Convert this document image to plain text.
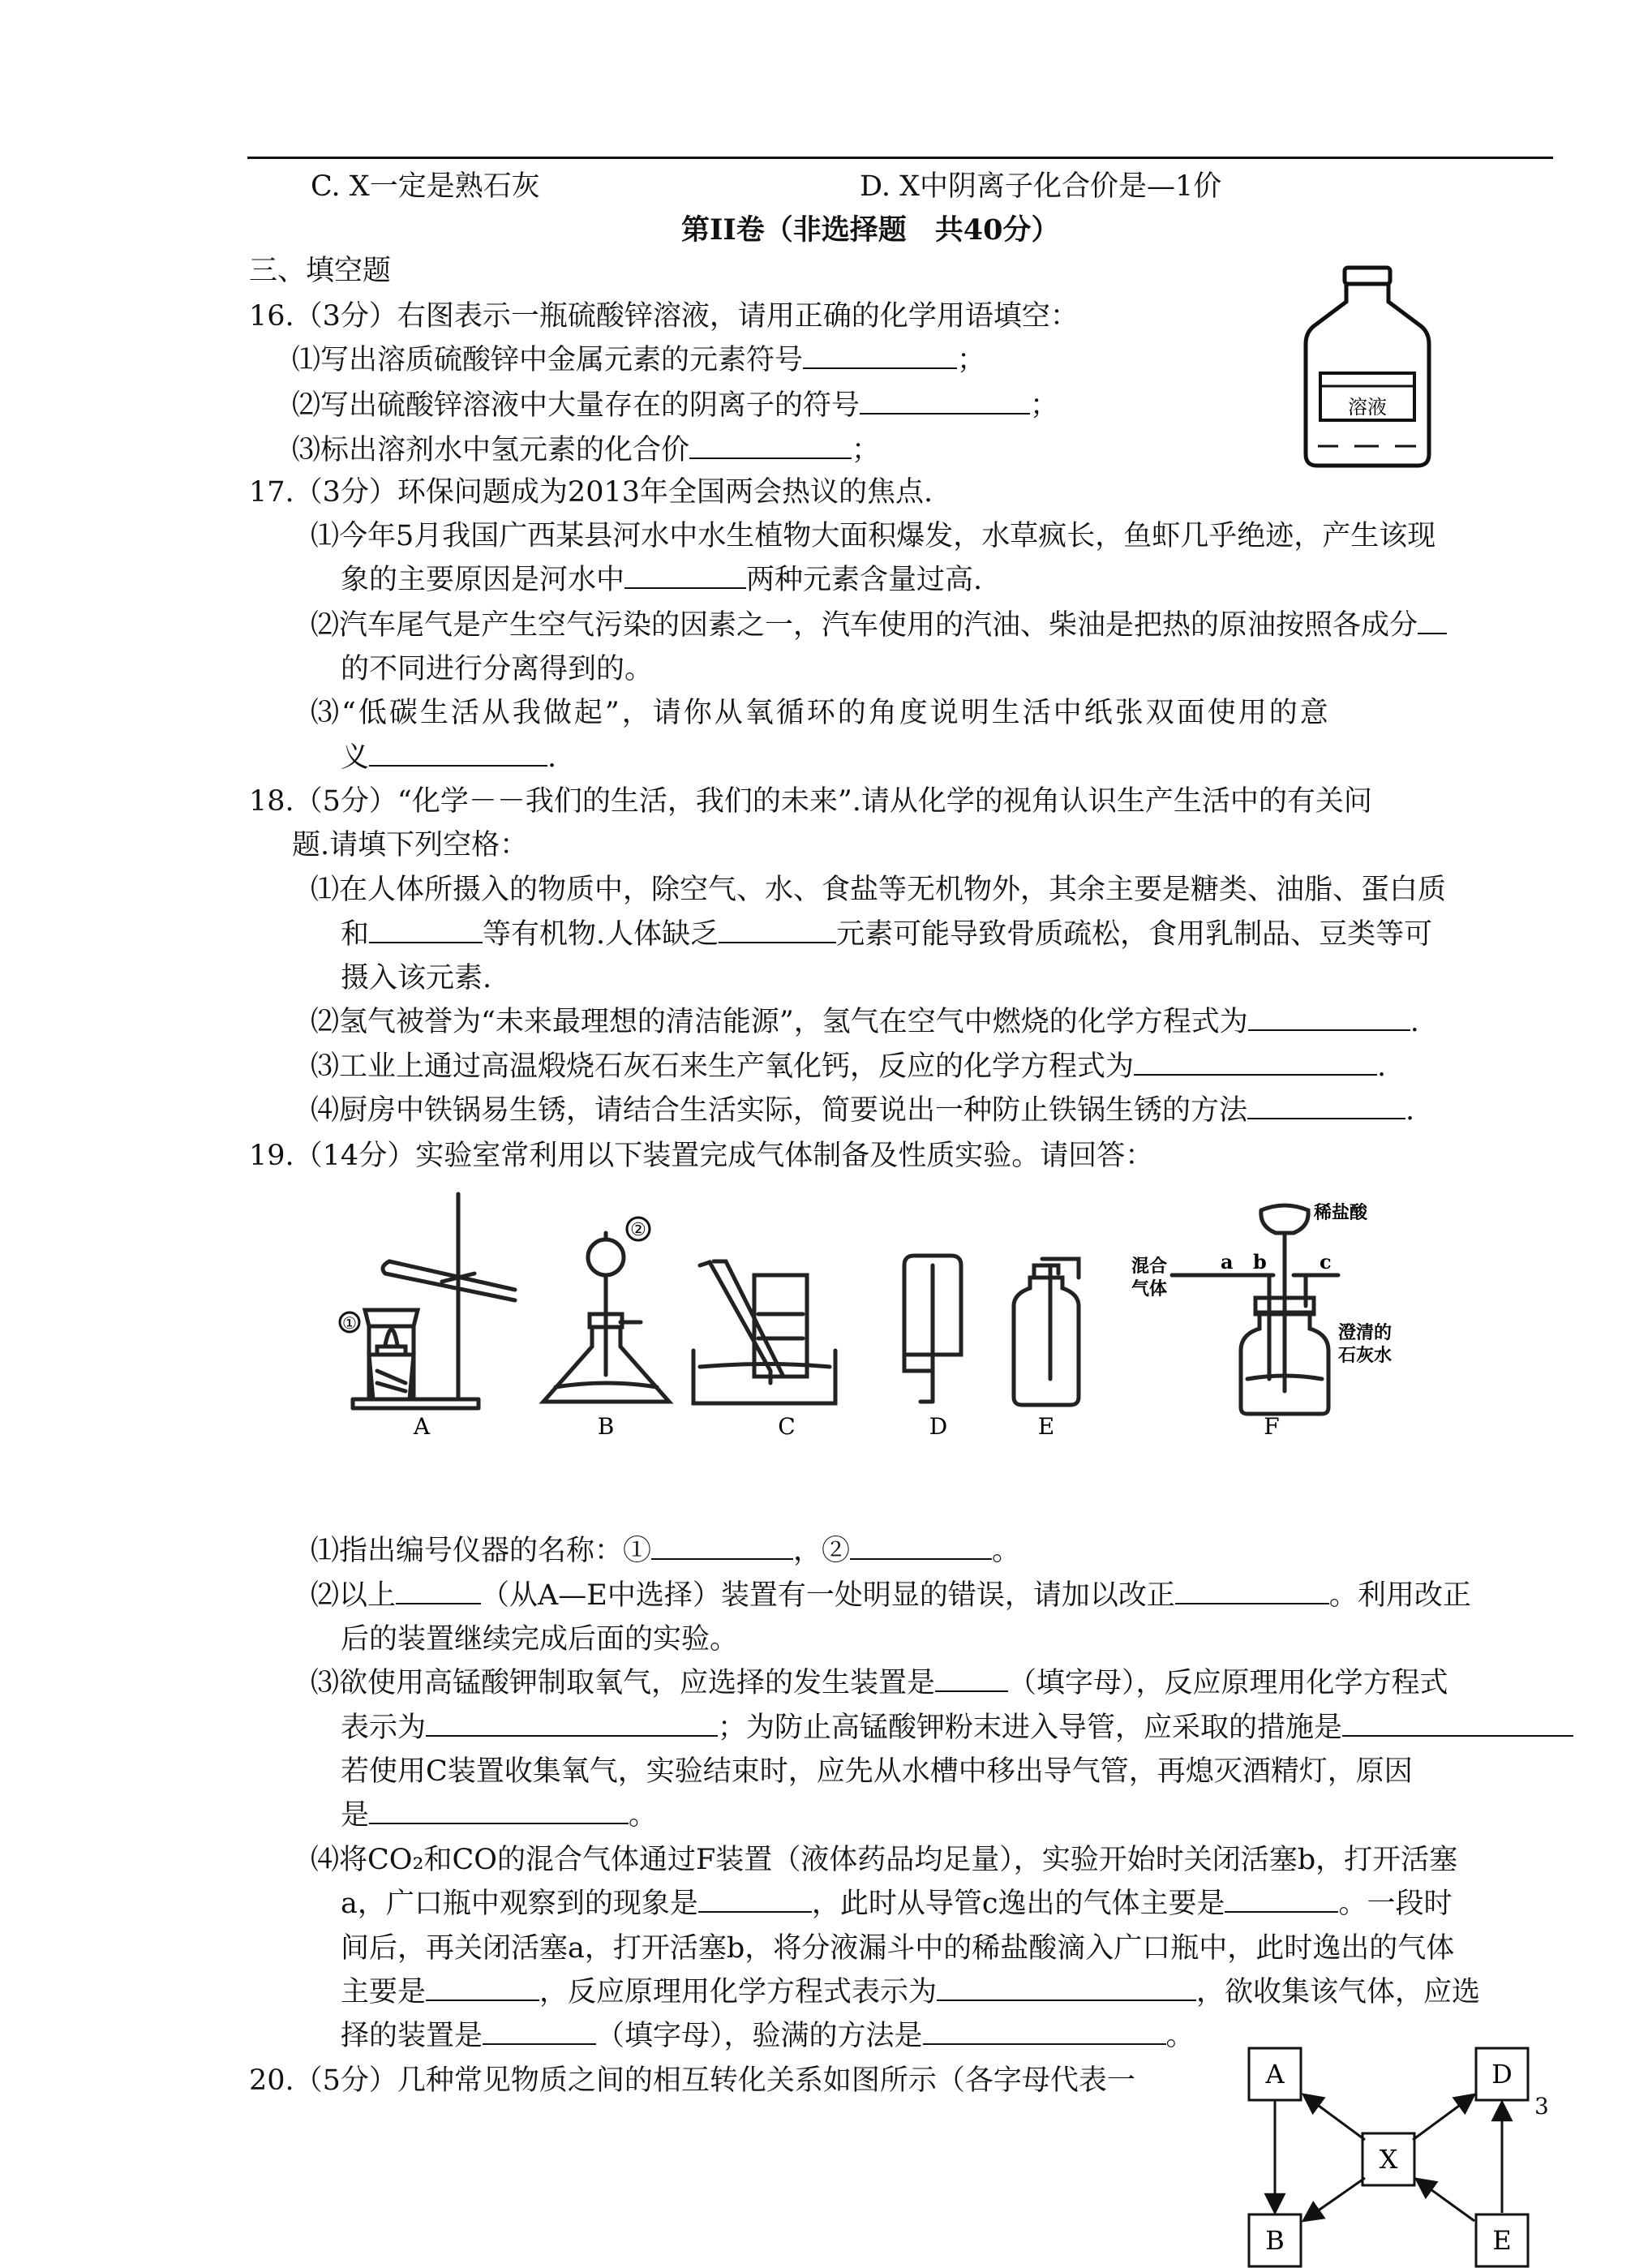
C. X一定是熟石灰	D. X中阴离子化合价是—1价
第II卷（非选择题　共40分）
三、填空题
16.（3分）右图表示一瓶硫酸锌溶液，请用正确的化学用语填空：
⑴写出溶质硫酸锌中金属元素的元素符号	；
⑵写出硫酸锌溶液中大量存在的阴离子的符号	；
⑶标出溶剂水中氢元素的化合价	；
溶液
17.（3分）环保问题成为2013年全国两会热议的焦点.
⑴今年5月我国广西某县河水中水生植物大面积爆发，水草疯长，鱼虾几乎绝迹，产生该现
象的主要原因是河水中	两种元素含量过高.
⑵汽车尾气是产生空气污染的因素之一，汽车使用的汽油、柴油是把热的原油按照各成分
的不同进行分离得到的。
⑶“低碳生活从我做起”，请你从氧循环的角度说明生活中纸张双面使用的意
义	.
18.（5分）“化学－－我们的生活，我们的未来”.请从化学的视角认识生产生活中的有关问
题.请填下列空格：
⑴在人体所摄入的物质中，除空气、水、食盐等无机物外，其余主要是糖类、油脂、蛋白质
和	等有机物.人体缺乏	元素可能导致骨质疏松，食用乳制品、豆类等可
摄入该元素.
⑵氢气被誉为“未来最理想的清洁能源”，氢气在空气中燃烧的化学方程式为	.
⑶工业上通过高温煅烧石灰石来生产氧化钙，反应的化学方程式为	.
⑷厨房中铁锅易生锈，请结合生活实际，简要说出一种防止铁锅生锈的方法	.
19.（14分）实验室常利用以下装置完成气体制备及性质实验。请回答：
①
②
混合
气体
a b	c
稀盐酸
澄清的
石灰水
A	B	C	D	E	F
⑴指出编号仪器的名称：①	，②	。
⑵以上	（从A—E中选择）装置有一处明显的错误，请加以改正	。利用改正
后的装置继续完成后面的实验。
⑶欲使用高锰酸钾制取氧气，应选择的发生装置是	（填字母），反应原理用化学方程式
表示为	；为防止高锰酸钾粉末进入导管，应采取的措施是
若使用C装置收集氧气，实验结束时，应先从水槽中移出导气管，再熄灭酒精灯，原因
是	。
⑷将CO₂和CO的混合气体通过F装置（液体药品均足量），实验开始时关闭活塞b，打开活塞
a，广口瓶中观察到的现象是	，此时从导管c逸出的气体主要是	。一段时
间后，再关闭活塞a，打开活塞b，将分液漏斗中的稀盐酸滴入广口瓶中，此时逸出的气体
主要是	，反应原理用化学方程式表示为	，欲收集该气体，应选
择的装置是	（填字母），验满的方法是	。
20.（5分）几种常见物质之间的相互转化关系如图所示（各字母代表一	A	D
X
B	E
3
